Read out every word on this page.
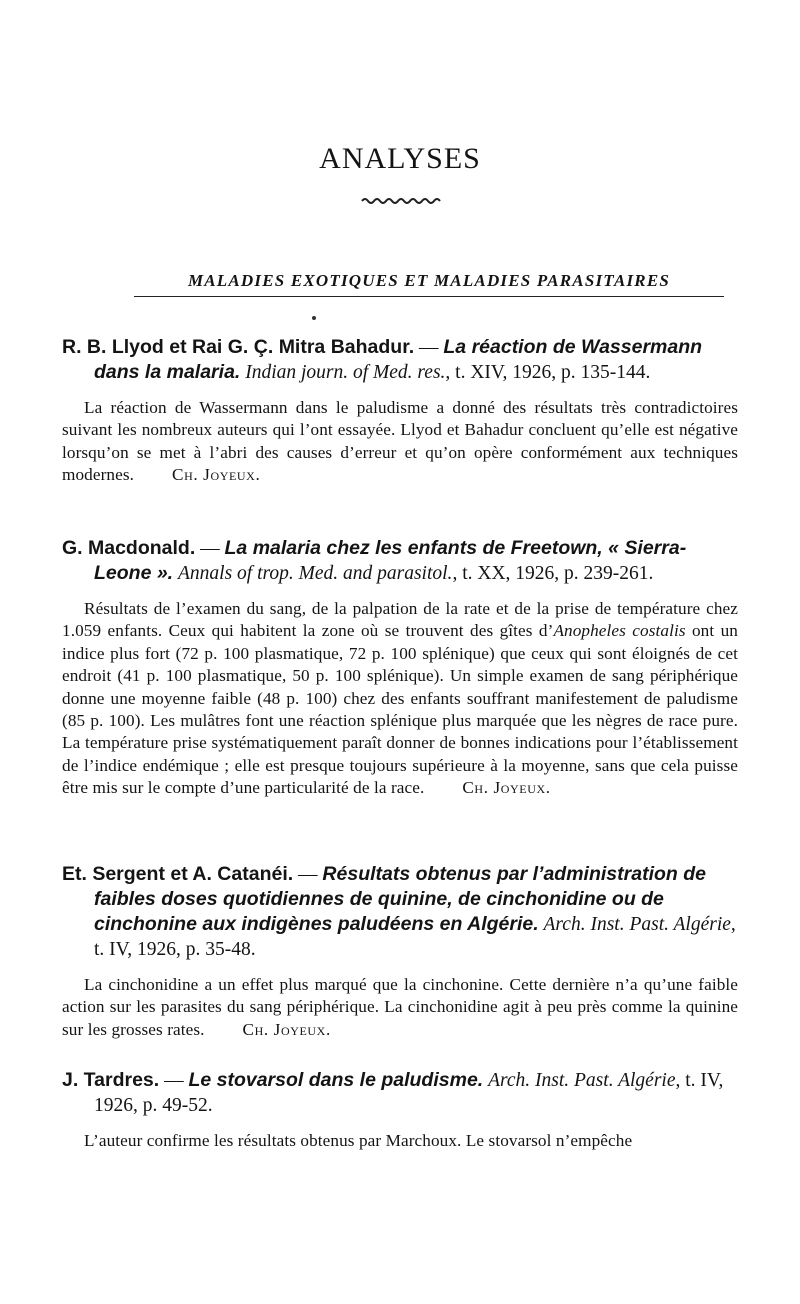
ANALYSES
MALADIES EXOTIQUES ET MALADIES PARASITAIRES
R. B. Llyod et Rai G. Ç. Mitra Bahadur. — La réaction de Wassermann dans la malaria. Indian journ. of Med. res., t. XIV, 1926, p. 135-144.

La réaction de Wassermann dans le paludisme a donné des résultats très contradictoires suivant les nombreux auteurs qui l’ont essayée. Llyod et Bahadur concluent qu’elle est négative lorsqu’on se met à l’abri des causes d’erreur et qu’on opère conformément aux techniques modernes. Ch. Joyeux.

G. Macdonald. — La malaria chez les enfants de Freetown, « Sierra-Leone ». Annals of trop. Med. and parasitol., t. XX, 1926, p. 239-261.

Résultats de l’examen du sang, de la palpation de la rate et de la prise de température chez 1.059 enfants. Ceux qui habitent la zone où se trouvent des gîtes d’Anopheles costalis ont un indice plus fort (72 p. 100 plasmatique, 72 p. 100 splénique) que ceux qui sont éloignés de cet endroit (41 p. 100 plasmatique, 50 p. 100 splénique). Un simple examen de sang périphérique donne une moyenne faible (48 p. 100) chez des enfants souffrant manifestement de paludisme (85 p. 100). Les mulâtres font une réaction splénique plus marquée que les nègres de race pure. La température prise systématiquement paraît donner de bonnes indications pour l’établissement de l’indice endémique ; elle est presque toujours supérieure à la moyenne, sans que cela puisse être mis sur le compte d’une particularité de la race. Ch. Joyeux.

Et. Sergent et A. Catanéi. — Résultats obtenus par l’administration de faibles doses quotidiennes de quinine, de cinchonidine ou de cinchonine aux indigènes paludéens en Algérie. Arch. Inst. Past. Algérie, t. IV, 1926, p. 35-48.

La cinchonidine a un effet plus marqué que la cinchonine. Cette dernière n’a qu’une faible action sur les parasites du sang périphérique. La cinchonidine agit à peu près comme la quinine sur les grosses rates. Ch. Joyeux.

J. Tardres. — Le stovarsol dans le paludisme. Arch. Inst. Past. Algérie, t. IV, 1926, p. 49-52.

L’auteur confirme les résultats obtenus par Marchoux. Le stovarsol n’empêche
